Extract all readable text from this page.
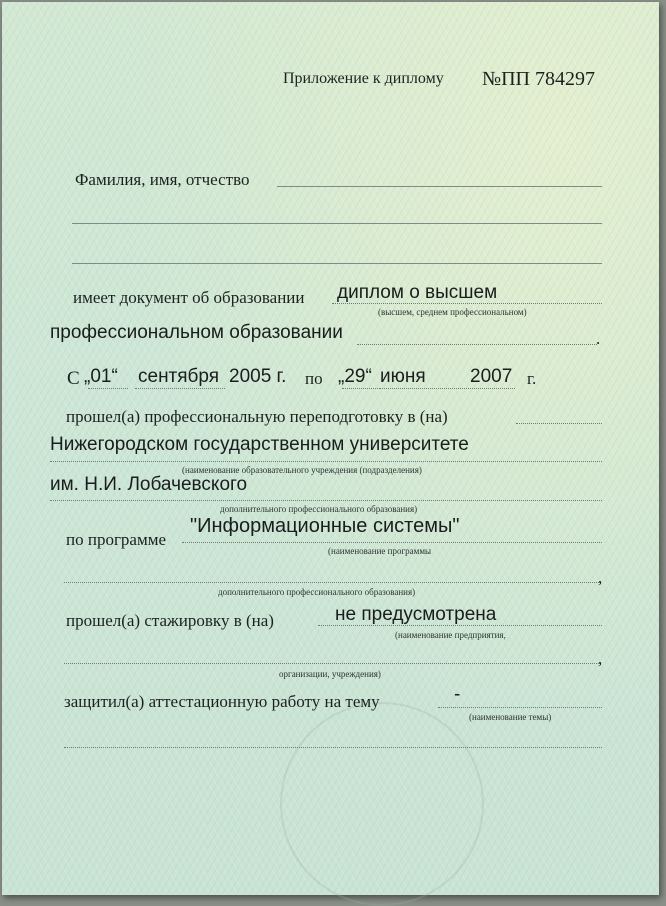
Приложение к диплому №ПП 784297
Фамилия, имя, отчество
имеет документ об образовании диплом о высшем
(высшем, среднем профессиональном)
профессиональном образовании	.
С „01“ сентября 2005 г. по „29“ июня 2007 г.
прошел(а) профессиональную переподготовку в (на)
Нижегородском государственном университете
(наименование образовательного учреждения (подразделения)
им. Н.И. Лобачевского
дополнительного профессионального образования)
по программе
"Информационные системы"
(наименование программы
,
дополнительного профессионального образования)
прошел(а) стажировку в (на)	не предусмотрена
(наименование предприятия,
,
организации, учреждения)
защитил(а) аттестационную работу на тему	-
(наименование темы)
